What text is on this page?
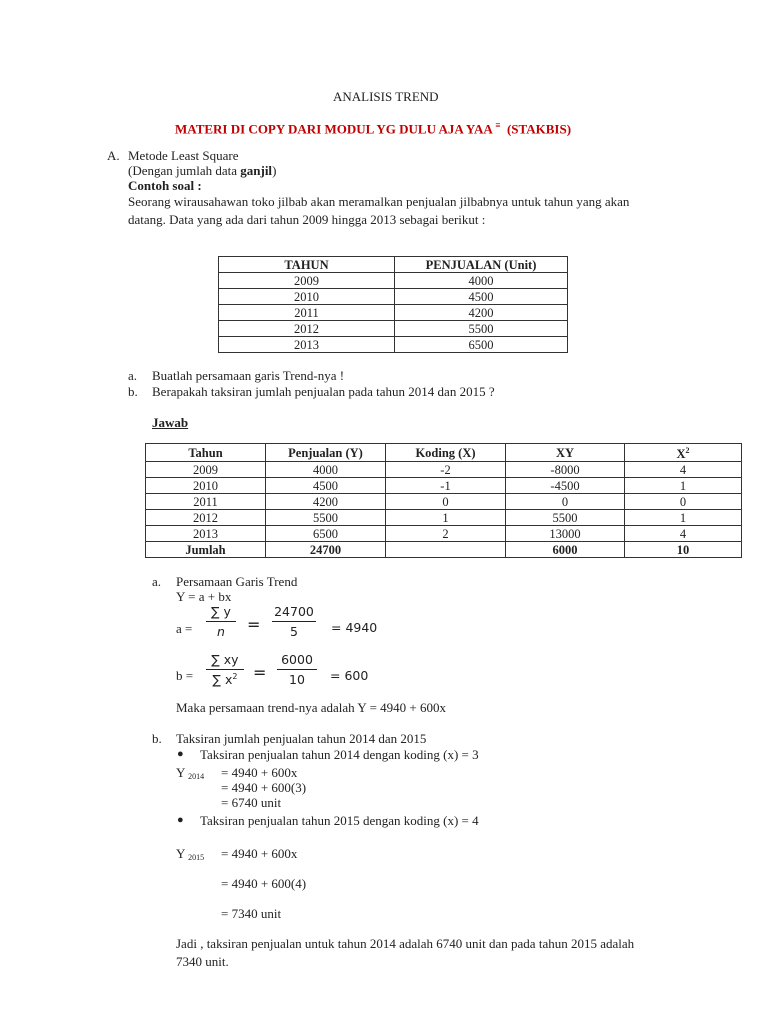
ANALISIS TREND
MATERI DI COPY DARI MODUL YG DULU AJA YAA ≡ (STAKBIS)
A. Metode Least Square
(Dengan jumlah data ganjil)
Contoh soal :
Seorang wirausahawan toko jilbab akan meramalkan penjualan jilbabnya untuk tahun yang akan
datang. Data yang ada dari tahun 2009 hingga 2013 sebagai berikut :
TAHUN	PENJUALAN (Unit)
2009	4000
2010	4500
2011	4200
2012	5500
2013	6500
a. Buatlah persamaan garis Trend-nya !
b. Berapakah taksiran jumlah penjualan pada tahun 2014 dan 2015 ?
Jawab
Tahun	Penjualan (Y)	Koding (X)	XY	$X^2$
2009	4000	-2	-8000	4
2010	4500	-1	-4500	1
2011	4200	0	0	0
2012	5500	1	5500	1
2013	6500	2	13000	4
Jumlah	24700		6000	10
a. Persamaan Garis Trend
Y = a + bx
a =
∑ y
n	=
24700
5	= 4940
b =
∑ xy
∑ $x^2$ =
6000
10	= 600
Maka persamaan trend-nya adalah Y = 4940 + 600x
b. Taksiran jumlah penjualan tahun 2014 dan 2015
● Taksiran penjualan tahun 2014 dengan koding (x) = 3
Y $_{2014}$ = 4940 + 600x
= 4940 + 600(3)
= 6740 unit
● Taksiran penjualan tahun 2015 dengan koding (x) = 4
Y $_{2015}$ = 4940 + 600x
= 4940 + 600(4)
= 7340 unit
Jadi , taksiran penjualan untuk tahun 2014 adalah 6740 unit dan pada tahun 2015 adalah
7340 unit.
